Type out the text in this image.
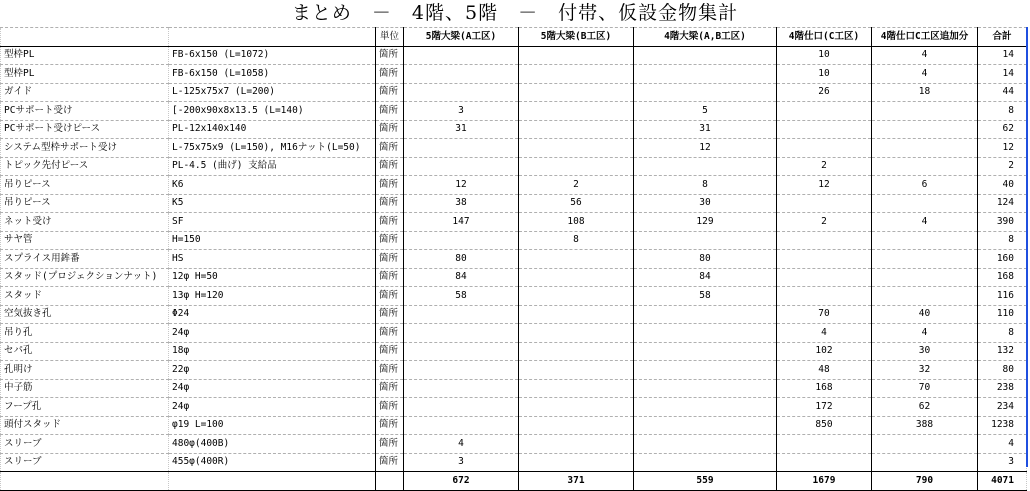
まとめ　－　4階、5階　－　付帯、仮設金物集計
		単位	5階大梁(A工区)	5階大梁(B工区)	4階大梁(A,B工区)	4階仕口(C工区)	4階仕口C工区追加分	合計
型枠PL	FB-6x150 (L=1072)	箇所				10	4	14
型枠PL	FB-6x150 (L=1058)	箇所				10	4	14
ガイド	L-125x75x7 (L=200)	箇所				26	18	44
PCサポート受け	[-200x90x8x13.5 (L=140)	箇所	3		5			8
PCサポート受けピース	PL-12x140x140	箇所	31		31			62
システム型枠サポート受け	L-75x75x9 (L=150), M16ナット(L=50)	箇所			12			12
トピック先付ピース	PL-4.5 (曲げ) 支給品	箇所				2		2
吊りピース	K6	箇所	12	2	8	12	6	40
吊りピース	K5	箇所	38	56	30			124
ネット受け	SF	箇所	147	108	129	2	4	390
サヤ管	H=150	箇所		8				8
スプライス用鉾番	HS	箇所	80		80			160
スタッド(プロジェクションナット)	12φ H=50	箇所	84		84			168
スタッド	13φ H=120	箇所	58		58			116
空気抜き孔	Φ24	箇所				70	40	110
吊り孔	24φ	箇所				4	4	8
セパ孔	18φ	箇所				102	30	132
孔明け	22φ	箇所				48	32	80
中子筋	24φ	箇所				168	70	238
フープ孔	24φ	箇所				172	62	234
頭付スタッド	φ19 L=100	箇所				850	388	1238
スリーブ	480φ(400B)	箇所	4					4
スリーブ	455φ(400R)	箇所	3					3
			672	371	559	1679	790	4071
